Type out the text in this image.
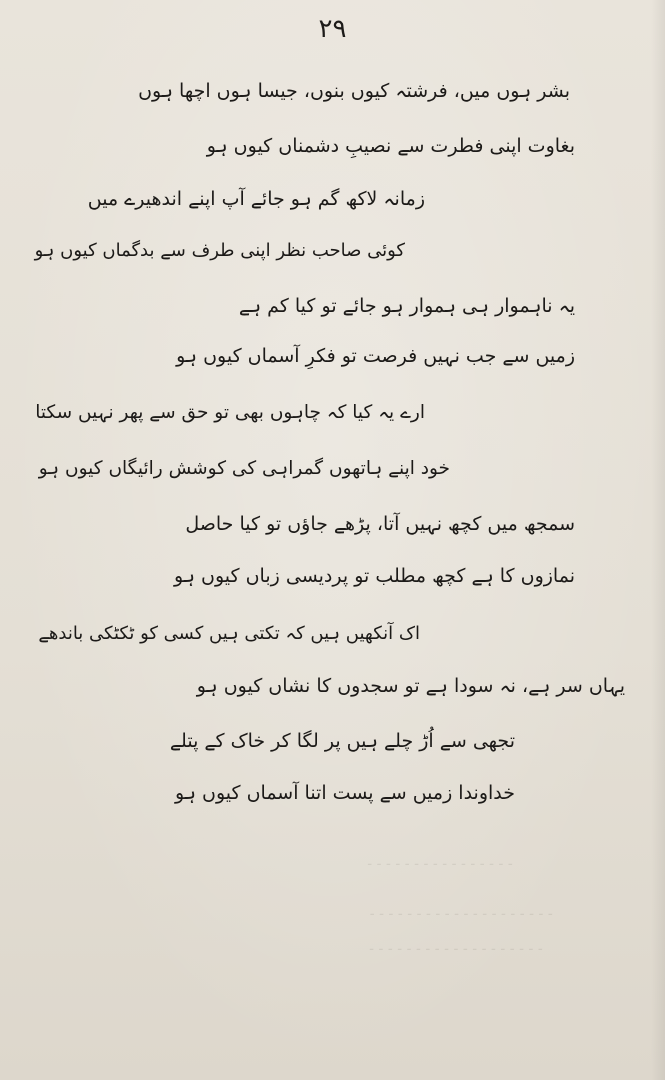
۔۔۔۔۔۔۔۔۔۔۔۔۔۔۔۔
۔۔۔۔۔۔۔۔۔۔۔۔۔۔۔۔۔۔۔۔
۔۔۔۔۔۔۔۔۔۔۔۔۔۔۔۔۔۔۔
۲۹
بشر ہوں میں، فرشتہ کیوں بنوں، جیسا ہوں اچھا ہوں
بغاوت اپنی فطرت سے نصیبِ دشمناں کیوں ہو
زمانہ لاکھ گم ہو جائے آپ اپنے اندھیرے میں
کوئی صاحب نظر اپنی طرف سے بدگماں کیوں ہو
یہ ناہموار ہی ہموار ہو جائے تو کیا کم ہے
زمیں سے جب نہیں فرصت تو فکرِ آسماں کیوں ہو
ارے یہ کیا کہ چاہوں بھی تو حق سے پھر نہیں سکتا
خود اپنے ہاتھوں گمراہی کی کوشش رائیگاں کیوں ہو
سمجھ میں کچھ نہیں آتا، پڑھے جاؤں تو کیا حاصل
نمازوں کا ہے کچھ مطلب تو پردیسی زباں کیوں ہو
اک آنکھیں ہیں کہ تکتی ہیں کسی کو ٹکٹکی باندھے
یہاں سر ہے، نہ سودا ہے تو سجدوں کا نشاں کیوں ہو
تجھی سے اُڑ چلے ہیں پر لگا کر خاک کے پتلے
خداوندا زمیں سے پست اتنا آسماں کیوں ہو
